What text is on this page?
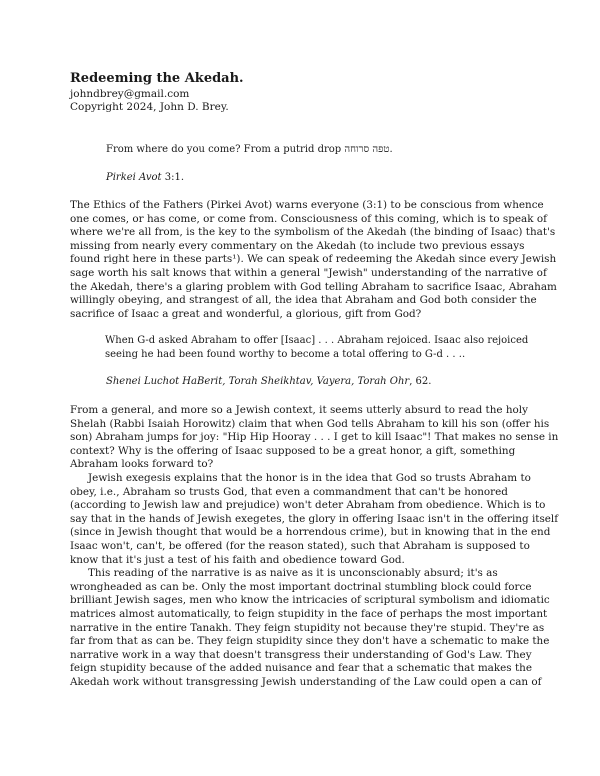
Redeeming the Akedah.
johndbrey@gmail.com
Copyright 2024, John D. Brey.
From where do you come? From a putrid drop טפה סרוחה.
Pirkei Avot 3:1.
The Ethics of the Fathers (Pirkei Avot) warns everyone (3:1) to be conscious from whence
one comes, or has come, or come from. Consciousness of this coming, which is to speak of
where we're all from, is the key to the symbolism of the Akedah (the binding of Isaac) that's
missing from nearly every commentary on the Akedah (to include two previous essays
found right here in these parts¹). We can speak of redeeming the Akedah since every Jewish
sage worth his salt knows that within a general "Jewish" understanding of the narrative of
the Akedah, there's a glaring problem with God telling Abraham to sacrifice Isaac, Abraham
willingly obeying, and strangest of all, the idea that Abraham and God both consider the
sacrifice of Isaac a great and wonderful, a glorious, gift from God?
When G-d asked Abraham to offer [Isaac] . . . Abraham rejoiced. Isaac also rejoiced
seeing he had been found worthy to become a total offering to G-d . . ..
Shenei Luchot HaBerit, Torah Sheikhtav, Vayera, Torah Ohr, 62.
From a general, and more so a Jewish context, it seems utterly absurd to read the holy
Shelah (Rabbi Isaiah Horowitz) claim that when God tells Abraham to kill his son (offer his
son) Abraham jumps for joy: "Hip Hip Hooray . . . I get to kill Isaac"! That makes no sense in
context? Why is the offering of Isaac supposed to be a great honor, a gift, something
Abraham looks forward to?
Jewish exegesis explains that the honor is in the idea that God so trusts Abraham to
obey, i.e., Abraham so trusts God, that even a commandment that can't be honored
(according to Jewish law and prejudice) won't deter Abraham from obedience. Which is to
say that in the hands of Jewish exegetes, the glory in offering Isaac isn't in the offering itself
(since in Jewish thought that would be a horrendous crime), but in knowing that in the end
Isaac won't, can't, be offered (for the reason stated), such that Abraham is supposed to
know that it's just a test of his faith and obedience toward God.
This reading of the narrative is as naive as it is unconscionably absurd; it's as
wrongheaded as can be. Only the most important doctrinal stumbling block could force
brilliant Jewish sages, men who know the intricacies of scriptural symbolism and idiomatic
matrices almost automatically, to feign stupidity in the face of perhaps the most important
narrative in the entire Tanakh. They feign stupidity not because they're stupid. They're as
far from that as can be. They feign stupidity since they don't have a schematic to make the
narrative work in a way that doesn't transgress their understanding of God's Law. They
feign stupidity because of the added nuisance and fear that a schematic that makes the
Akedah work without transgressing Jewish understanding of the Law could open a can of
